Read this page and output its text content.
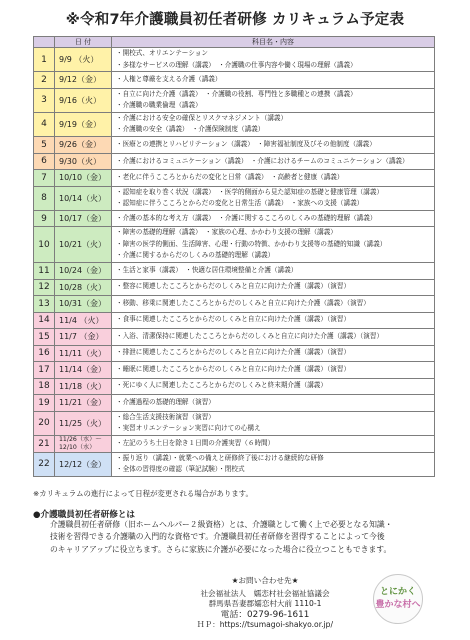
※令和7年介護職員初任者研修 カリキュラム予定表
	日 付	科目名・内容
1	9/9 （火）	・開校式、オリエンテーション
・多様なサービスの理解（講義）　・介護職の仕事内容や働く現場の理解（講義）

2	9/12（金）	・人権と尊厳を支える介護（講義）

3	9/16（火）	・自立に向けた介護（講義）　・介護職の役割、専門性と多職種との連携（講義）
・介護職の職業倫理（講義）

4	9/19（金）	・介護における安全の確保とリスクマネジメント（講義）
・介護職の安全（講義）　・介護保険制度（講義）

5	9/26（金）	・医療との連携とリハビリテーション（講義）　・障害福祉制度及びその他制度（講義）

6	9/30（火）	・介護におけるコミュニケーション（講義）　・介護におけるチームのコミュニケーション（講義）

7	10/10（金）	・老化に伴うこころとからだの変化と日常（講義）　・高齢者と健康（講義）

8	10/14（火）	・認知症を取り巻く状況（講義）　・医学的側面から見た認知症の基礎と健康管理（講義）
・認知症に伴うこころとからだの変化と日常生活（講義）　・家族への支援（講義）

9	10/17（金）	・介護の基本的な考え方（講義）　・介護に関するこころのしくみの基礎的理解（講義）

10	10/21（火）	・障害の基礎的理解（講義）　・家族の心理、かかわり支援の理解（講義）
・障害の医学的側面、生活障害、心理・行動の特徴、かかわり支援等の基礎的知識（講義）
・介護に関するからだのしくみの基礎的理解（講義）

11	10/24（金）	・生活と家事（講義）　・快適な居住環境整備と介護（講義）

12	10/28（火）	・整容に関連したこころとからだのしくみと自立に向けた介護（講義）（演習）

13	10/31（金）	・移動、移乗に関連したこころとからだのしくみと自立に向けた介護（講義）（演習）

14	11/4 （火）	・食事に関連したこころとからだのしくみと自立に向けた介護（講義）（演習）

15	11/7 （金）	・入浴、清潔保持に関連したこころとからだのしくみと自立に向けた介護（講義）（演習）

16	11/11（火）	・排泄に関連したこころとからだのしくみと自立に向けた介護（講義）（演習）

17	11/14（金）	・睡眠に関連したこころとからだのしくみと自立に向けた介護（講義）（演習）

18	11/18（火）	・死にゆく人に関連したこころとからだのしくみと終末期介護（講義）

19	11/21（金）	・介護過程の基礎的理解（演習）

20	11/25（火）	・総合生活支援技術演習（演習）
・実習オリエンテーション実習に向けての心構え

21	11/26（水）～12/10（水）	・左記のうち土日を除き１日間の介護実習（６時間）

22	12/12（金）	・振り返り（講義）・就業への備えと研修終了後における継続的な研修
・全体の習得度の確認（筆記試験）・閉校式
※カリキュラムの進行によって日程が変更される場合があります。
●介護職員初任者研修とは
介護職員初任者研修（旧ホームヘルパー２級資格）とは、介護職として働く上で必要となる知識・
技術を習得できる介護職の入門的な資格です。介護職員初任者研修を習得することによって今後
のキャリアアップに役立ちます。さらに家族に介護が必要になった場合に役立つこともできます。
★お問い合わせ先★
社会福祉法人　嬬恋村社会福祉協議会
群馬県吾妻郡嬬恋村大前 1110-1
電話：0279-96-1611
ＨＰ：https://tsumagoi-shakyo.or.jp/
とにかく
豊かな村へ
